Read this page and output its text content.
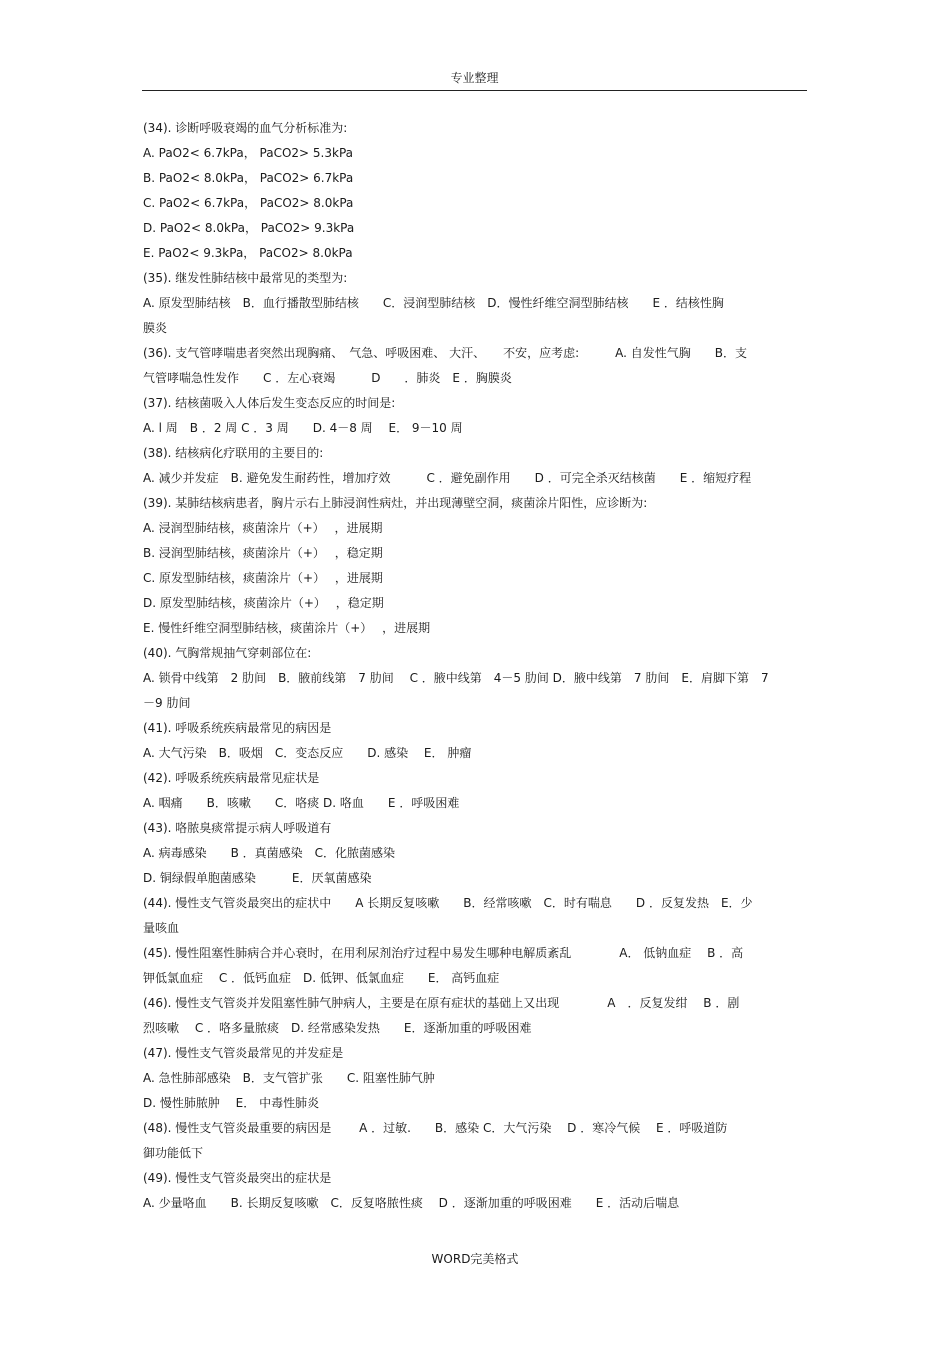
专业整理
(34). 诊断呼吸衰竭的血气分析标准为:
A. PaO2< 6.7kPa， PaCO2> 5.3kPa
B. PaO2< 8.0kPa， PaCO2> 6.7kPa
C. PaO2< 6.7kPa， PaCO2> 8.0kPa
D. PaO2< 8.0kPa， PaCO2> 9.3kPa
E. PaO2< 9.3kPa， PaCO2> 8.0kPa
(35). 继发性肺结核中最常见的类型为:
A. 原发型肺结核　B．血行播散型肺结核　　C．浸润型肺结核　D．慢性纤维空洞型肺结核　　E ．结核性胸
膜炎
(36). 支气管哮喘患者突然出现胸痛、　气急、呼吸困难、 大汗、　　不安，应考虑:　　　A. 自发性气胸　　B．支
气管哮喘急性发作　　C ．左心衰竭　　　D　　．肺炎　E ．胸膜炎
(37). 结核菌吸入人体后发生变态反应的时间是:
A. l 周　B ．2 周 C ．3 周　　D. 4－8 周　 E． 9－10 周
(38). 结核病化疗联用的主要目的:
A. 减少并发症　B. 避免发生耐药性，增加疗效　　　C ．避免副作用　　D ．可完全杀灭结核菌　　E ．缩短疗程
(39). 某肺结核病患者，胸片示右上肺浸润性病灶，并出现薄壁空洞，痰菌涂片阳性，应诊断为:
A. 浸润型肺结核，痰菌涂片（+）　 ，进展期
B. 浸润型肺结核，痰菌涂片（+）　 ，稳定期
C. 原发型肺结核，痰菌涂片（+）　 ，进展期
D. 原发型肺结核，痰菌涂片（+）　 ，稳定期
E. 慢性纤维空洞型肺结核，痰菌涂片（+）　 ，进展期
(40). 气胸常规抽气穿刺部位在:
A. 锁骨中线第　2 肋间　B．腋前线第　7 肋间　 C ．腋中线第　4－5 肋间 D．腋中线第　7 肋间　E．肩脚下第　7
－9 肋间
(41). 呼吸系统疾病最常见的病因是
A. 大气污染　B．吸烟　C．变态反应　　D. 感染　 E． 肿瘤
(42). 呼吸系统疾病最常见症状是
A. 咽痛　　B．咳嗽　　C．咯痰 D. 咯血　　E ．呼吸困难
(43). 咯脓臭痰常提示病人呼吸道有
A. 病毒感染　　B ．真菌感染　C．化脓菌感染
D. 铜绿假单胞菌感染　　　E．厌氧菌感染
(44). 慢性支气管炎最突出的症状中　　A 长期反复咳嗽　　B．经常咳嗽　C．时有喘息　　D ．反复发热　E．少
量咳血
(45). 慢性阻塞性肺病合并心衰时，在用利尿剂治疗过程中易发生哪种电解质紊乱　　　　A． 低钠血症　 B ．高
钾低氯血症　 C ．低钙血症　D. 低钾、低氯血症　　E． 高钙血症
(46). 慢性支气管炎并发阻塞性肺气肿病人，主要是在原有症状的基础上又出现　　　　A　．反复发绀　 B ．剧
烈咳嗽　 C ．咯多量脓痰　D. 经常感染发热　　E．逐渐加重的呼吸困难
(47). 慢性支气管炎最常见的并发症是
A. 急性肺部感染　B．支气管扩张　　C. 阻塞性肺气肿
D. 慢性肺脓肿　 E． 中毒性肺炎
(48). 慢性支气管炎最重要的病因是　　 A ．过敏.　　B．感染 C．大气污染　 D ．寒冷气候　 E ．呼吸道防
御功能低下
(49). 慢性支气管炎最突出的症状是
A. 少量咯血　　B. 长期反复咳嗽　C．反复咯脓性痰　 D ．逐渐加重的呼吸困难　　E ．活动后喘息
WORD完美格式
